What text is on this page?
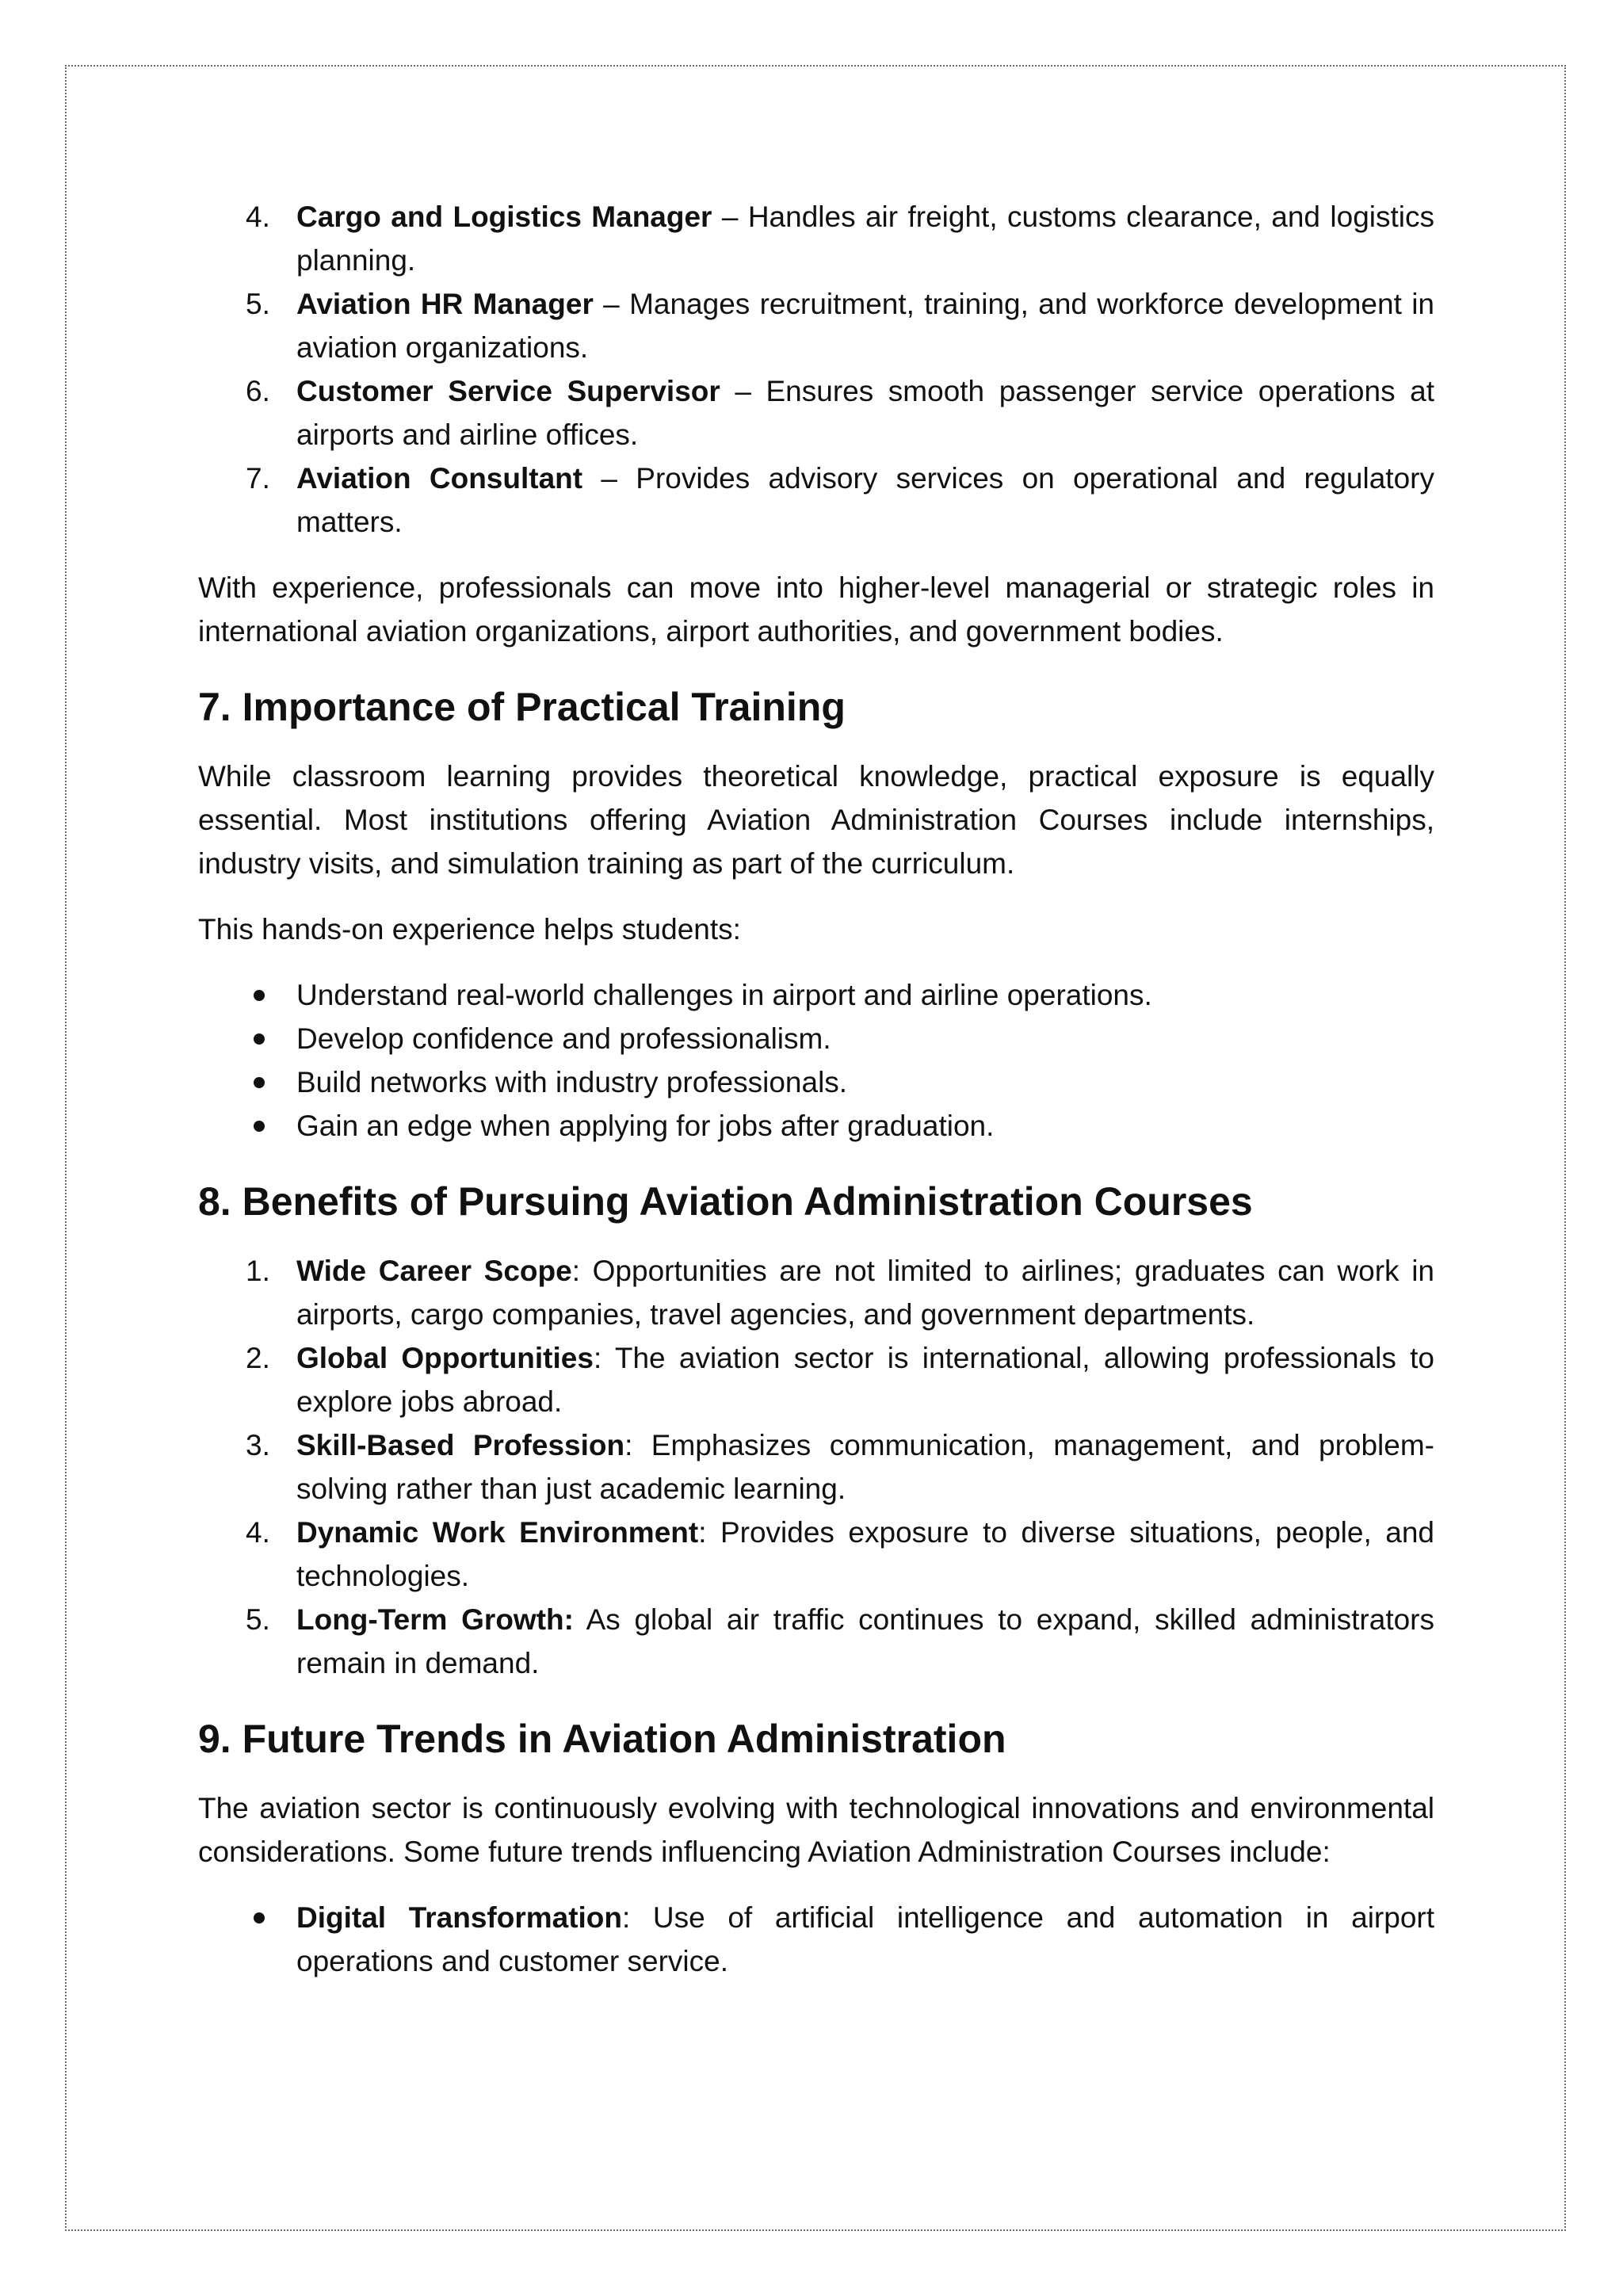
4. Cargo and Logistics Manager – Handles air freight, customs clearance, and logistics planning.
5. Aviation HR Manager – Manages recruitment, training, and workforce development in aviation organizations.
6. Customer Service Supervisor – Ensures smooth passenger service operations at airports and airline offices.
7. Aviation Consultant – Provides advisory services on operational and regulatory matters.

With experience, professionals can move into higher-level managerial or strategic roles in international aviation organizations, airport authorities, and government bodies.

7. Importance of Practical Training

While classroom learning provides theoretical knowledge, practical exposure is equally essential. Most institutions offering Aviation Administration Courses include internships, industry visits, and simulation training as part of the curriculum.

This hands-on experience helps students:

Understand real-world challenges in airport and airline operations.
Develop confidence and professionalism.
Build networks with industry professionals.
Gain an edge when applying for jobs after graduation.
8. Benefits of Pursuing Aviation Administration Courses
1. Wide Career Scope: Opportunities are not limited to airlines; graduates can work in airports, cargo companies, travel agencies, and government departments.
2. Global Opportunities: The aviation sector is international, allowing professionals to explore jobs abroad.
3. Skill-Based Profession: Emphasizes communication, management, and problem-solving rather than just academic learning.
4. Dynamic Work Environment: Provides exposure to diverse situations, people, and technologies.
5. Long-Term Growth: As global air traffic continues to expand, skilled administrators remain in demand.
9. Future Trends in Aviation Administration

The aviation sector is continuously evolving with technological innovations and environmental considerations. Some future trends influencing Aviation Administration Courses include:

Digital Transformation: Use of artificial intelligence and automation in airport operations and customer service.
